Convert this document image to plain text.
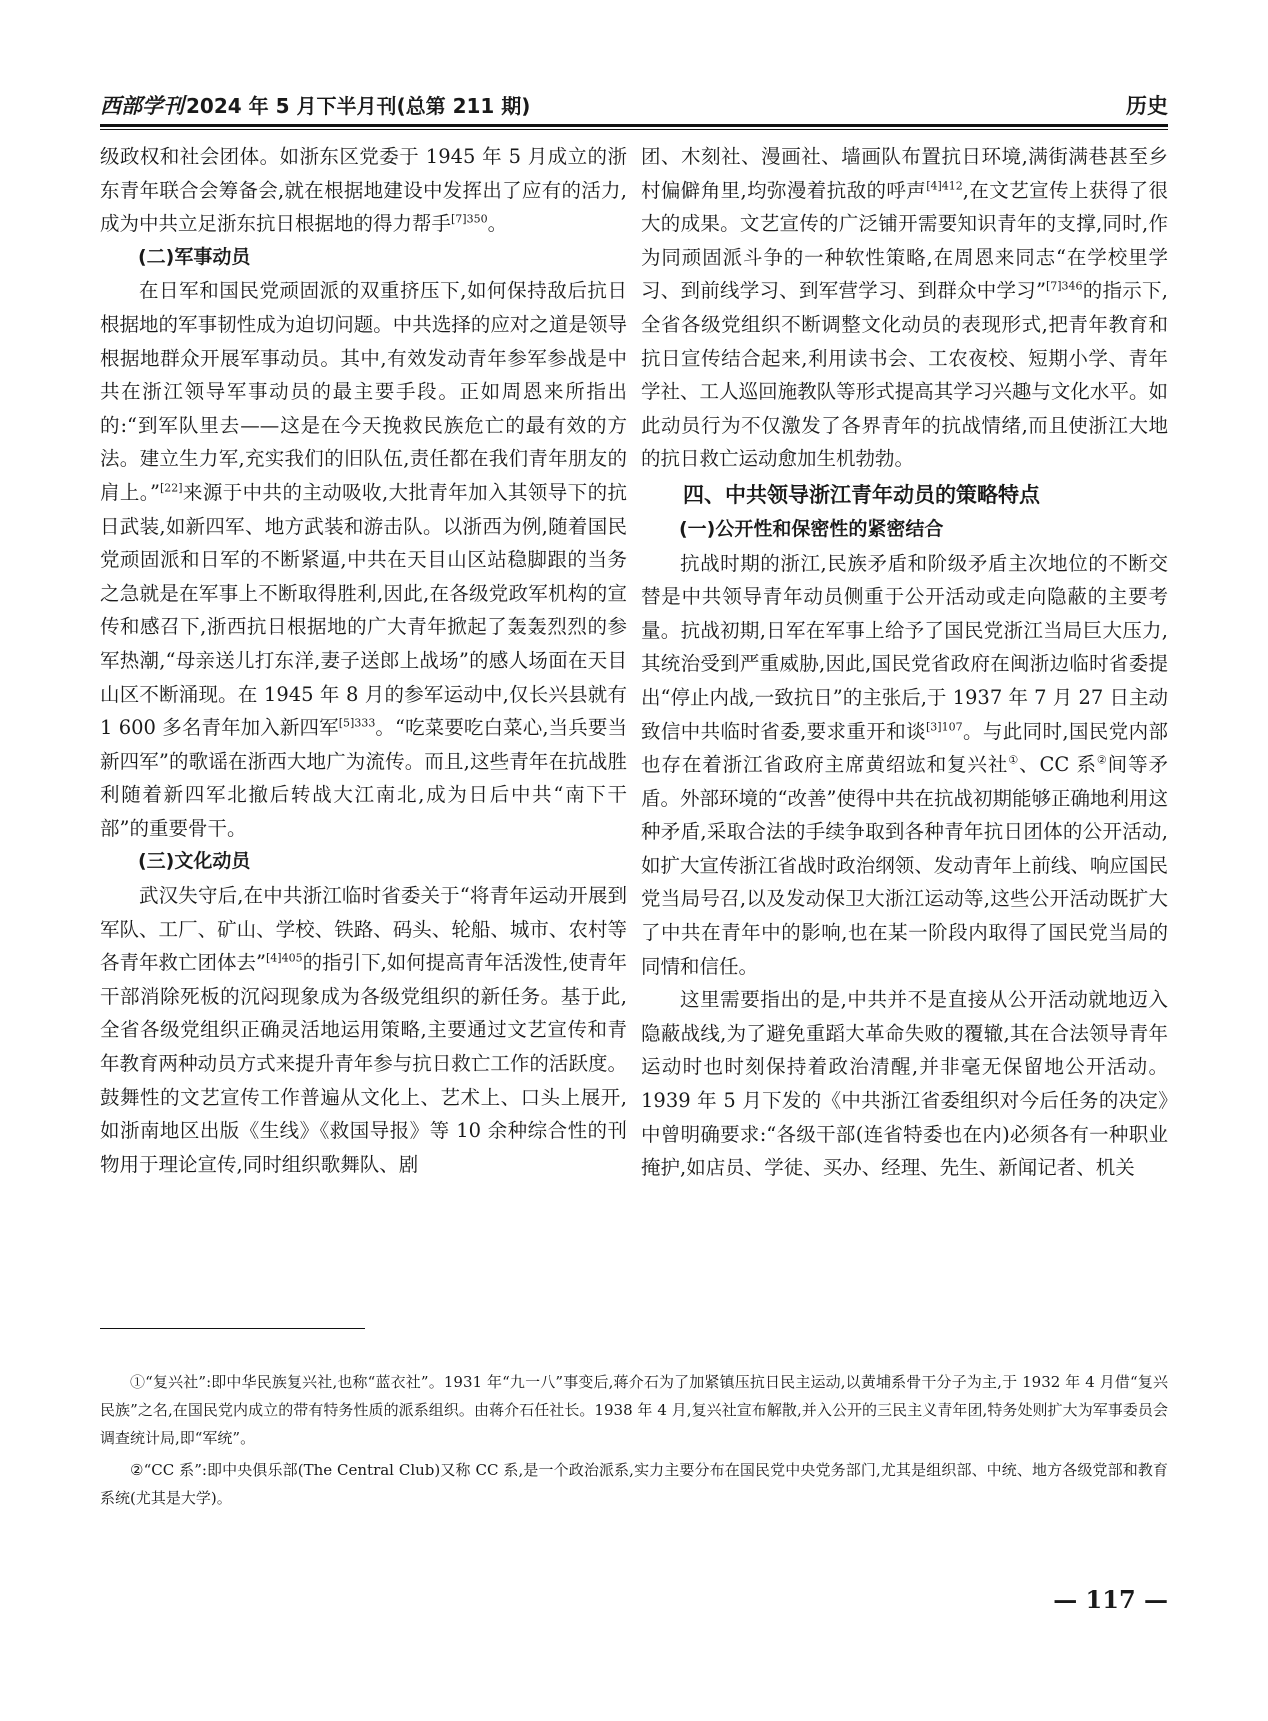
西部学刊 2024 年 5 月下半月刊(总第 211 期)	历史

级政权和社会团体。如浙东区党委于 1945 年 5 月成立的浙东青年联合会筹备会,就在根据地建设中发挥出了应有的活力,成为中共立足浙东抗日根据地的得力帮手$^{[7]350}$。

(二)军事动员

在日军和国民党顽固派的双重挤压下,如何保持敌后抗日根据地的军事韧性成为迫切问题。中共选择的应对之道是领导根据地群众开展军事动员。其中,有效发动青年参军参战是中共在浙江领导军事动员的最主要手段。正如周恩来所指出的:“到军队里去——这是在今天挽救民族危亡的最有效的方法。建立生力军,充实我们的旧队伍,责任都在我们青年朋友的肩上。”[22]来源于中共的主动吸收,大批青年加入其领导下的抗日武装,如新四军、地方武装和游击队。以浙西为例,随着国民党顽固派和日军的不断紧逼,中共在天目山区站稳脚跟的当务之急就是在军事上不断取得胜利,因此,在各级党政军机构的宣传和感召下,浙西抗日根据地的广大青年掀起了轰轰烈烈的参军热潮,“母亲送儿打东洋,妻子送郎上战场”的感人场面在天目山区不断涌现。在 1945 年 8 月的参军运动中,仅长兴县就有 1 600 多名青年加入新四军$^{[5]333}$。“吃菜要吃白菜心,当兵要当新四军”的歌谣在浙西大地广为流传。而且,这些青年在抗战胜利随着新四军北撤后转战大江南北,成为日后中共“南下干部”的重要骨干。

(三)文化动员

武汉失守后,在中共浙江临时省委关于“将青年运动开展到军队、工厂、矿山、学校、铁路、码头、轮船、城市、农村等各青年救亡团体去”$^{[4]405}$的指引下,如何提高青年活泼性,使青年干部消除死板的沉闷现象成为各级党组织的新任务。基于此,全省各级党组织正确灵活地运用策略,主要通过文艺宣传和青年教育两种动员方式来提升青年参与抗日救亡工作的活跃度。鼓舞性的文艺宣传工作普遍从文化上、艺术上、口头上展开,如浙南地区出版《生线》《救国导报》等 10 余种综合性的刊物用于理论宣传,同时组织歌舞队、剧

团、木刻社、漫画社、墙画队布置抗日环境,满街满巷甚至乡村偏僻角里,均弥漫着抗敌的呼声$^{[4]412}$,在文艺宣传上获得了很大的成果。文艺宣传的广泛铺开需要知识青年的支撑,同时,作为同顽固派斗争的一种软性策略,在周恩来同志“在学校里学习、到前线学习、到军营学习、到群众中学习”$^{[7]346}$的指示下,全省各级党组织不断调整文化动员的表现形式,把青年教育和抗日宣传结合起来,利用读书会、工农夜校、短期小学、青年学社、工人巡回施教队等形式提高其学习兴趣与文化水平。如此动员行为不仅激发了各界青年的抗战情绪,而且使浙江大地的抗日救亡运动愈加生机勃勃。

四、中共领导浙江青年动员的策略特点
(一)公开性和保密性的紧密结合

抗战时期的浙江,民族矛盾和阶级矛盾主次地位的不断交替是中共领导青年动员侧重于公开活动或走向隐蔽的主要考量。抗战初期,日军在军事上给予了国民党浙江当局巨大压力,其统治受到严重威胁,因此,国民党省政府在闽浙边临时省委提出“停止内战,一致抗日”的主张后,于 1937 年 7 月 27 日主动致信中共临时省委,要求重开和谈$^{[3]107}$。与此同时,国民党内部也存在着浙江省政府主席黄绍竑和复兴社①、CC 系②间等矛盾。外部环境的“改善”使得中共在抗战初期能够正确地利用这种矛盾,采取合法的手续争取到各种青年抗日团体的公开活动,如扩大宣传浙江省战时政治纲领、发动青年上前线、响应国民党当局号召,以及发动保卫大浙江运动等,这些公开活动既扩大了中共在青年中的影响,也在某一阶段内取得了国民党当局的同情和信任。

这里需要指出的是,中共并不是直接从公开活动就地迈入隐蔽战线,为了避免重蹈大革命失败的覆辙,其在合法领导青年运动时也时刻保持着政治清醒,并非毫无保留地公开活动。1939 年 5 月下发的《中共浙江省委组织对今后任务的决定》中曾明确要求:“各级干部(连省特委也在内)必须各有一种职业掩护,如店员、学徒、买办、经理、先生、新闻记者、机关

①“复兴社”:即中华民族复兴社,也称“蓝衣社”。1931 年“九一八”事变后,蒋介石为了加紧镇压抗日民主运动,以黄埔系骨干分子为主,于 1932 年 4 月借“复兴民族”之名,在国民党内成立的带有特务性质的派系组织。由蒋介石任社长。1938 年 4 月,复兴社宣布解散,并入公开的三民主义青年团,特务处则扩大为军事委员会调查统计局,即“军统”。

②“CC 系”:即中央俱乐部(The Central Club)又称 CC 系,是一个政治派系,实力主要分布在国民党中央党务部门,尤其是组织部、中统、地方各级党部和教育系统(尤其是大学)。

— 117 —
